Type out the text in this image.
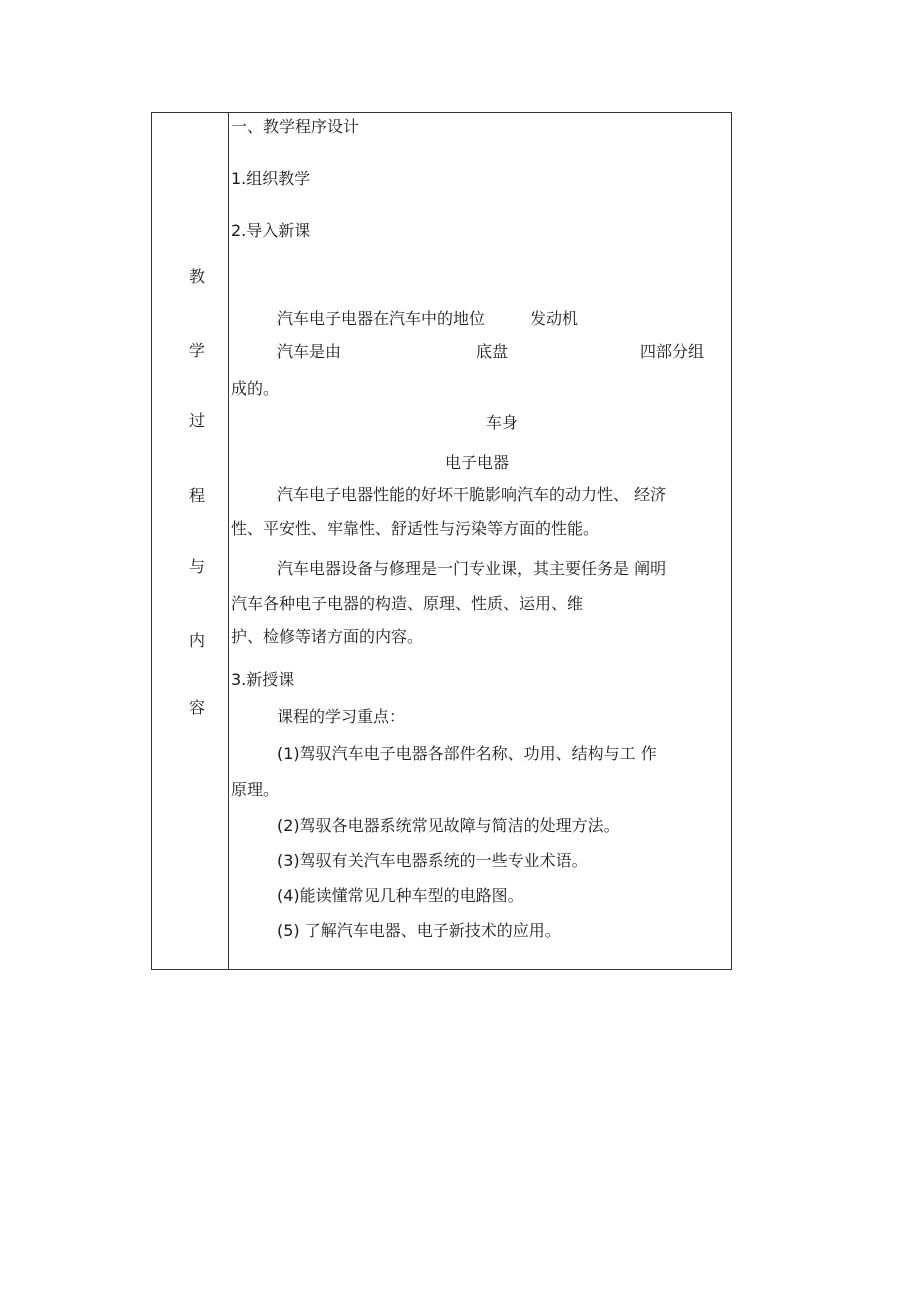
教
学
过
程
与
内
容
一、教学程序设计
1.组织教学
2.导入新课
汽车电子电器在汽车中的地位	发动机
汽车是由	底盘	四部分组
成的。
车身
电子电器
汽车电子电器性能的好坏干脆影响汽车的动力性、 经济
性、平安性、牢靠性、舒适性与污染等方面的性能。
汽车电器设备与修理是一门专业课，其主要任务是 阐明
汽车各种电子电器的构造、原理、性质、运用、维
护、检修等诸方面的内容。
3.新授课
课程的学习重点：
(1)驾驭汽车电子电器各部件名称、功用、结构与工 作
原理。
(2)驾驭各电器系统常见故障与简洁的处理方法。
(3)驾驭有关汽车电器系统的一些专业术语。
(4)能读懂常见几种车型的电路图。
(5) 了解汽车电器、电子新技术的应用。
